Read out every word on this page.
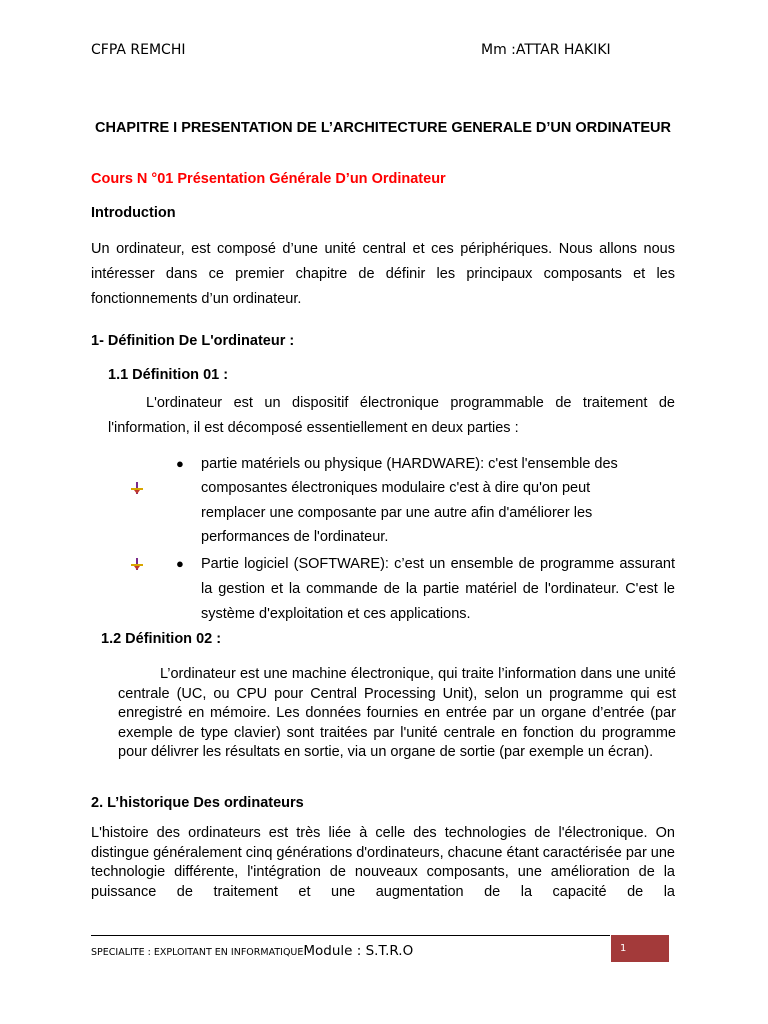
CFPA REMCHI	Mm :ATTAR HAKIKI
CHAPITRE I PRESENTATION DE L’ARCHITECTURE GENERALE D’UN ORDINATEUR
Cours N °01 Présentation Générale D’un Ordinateur
Introduction
Un ordinateur, est composé d’une unité central et ces périphériques. Nous allons nous intéresser dans ce premier chapitre de définir les principaux composants et les fonctionnements d’un ordinateur.
1- Définition De L'ordinateur :
1.1 Définition 01 :
L'ordinateur est un dispositif électronique programmable de traitement de l'information, il est décomposé essentiellement en deux parties :
● partie matériels ou physique (HARDWARE): c'est l'ensemble des composantes électroniques modulaire c'est à dire qu'on peut remplacer une composante par une autre afin d'améliorer les performances de l'ordinateur.
● Partie logiciel (SOFTWARE): c’est un ensemble de programme assurant la gestion et la commande de la partie matériel de l'ordinateur. C'est le système d'exploitation et ces applications.
1.2 Définition 02 :
L’ordinateur est une machine électronique, qui traite l’information dans une unité centrale (UC, ou CPU pour Central Processing Unit), selon un programme qui est enregistré en mémoire. Les données fournies en entrée par un organe d’entrée (par exemple de type clavier) sont traitées par l'unité centrale en fonction du programme pour délivrer les résultats en sortie, via un organe de sortie (par exemple un écran).
2. L’historique Des ordinateurs
L'histoire des ordinateurs est très liée à celle des technologies de l'électronique. On distingue généralement cinq générations d'ordinateurs, chacune étant caractérisée par une technologie différente, l'intégration de nouveaux composants, une amélioration de la puissance de traitement et une augmentation de la capacité de la
SPECIALITE : EXPLOITANT EN INFORMATIQUEModule : S.T.R.O	1
